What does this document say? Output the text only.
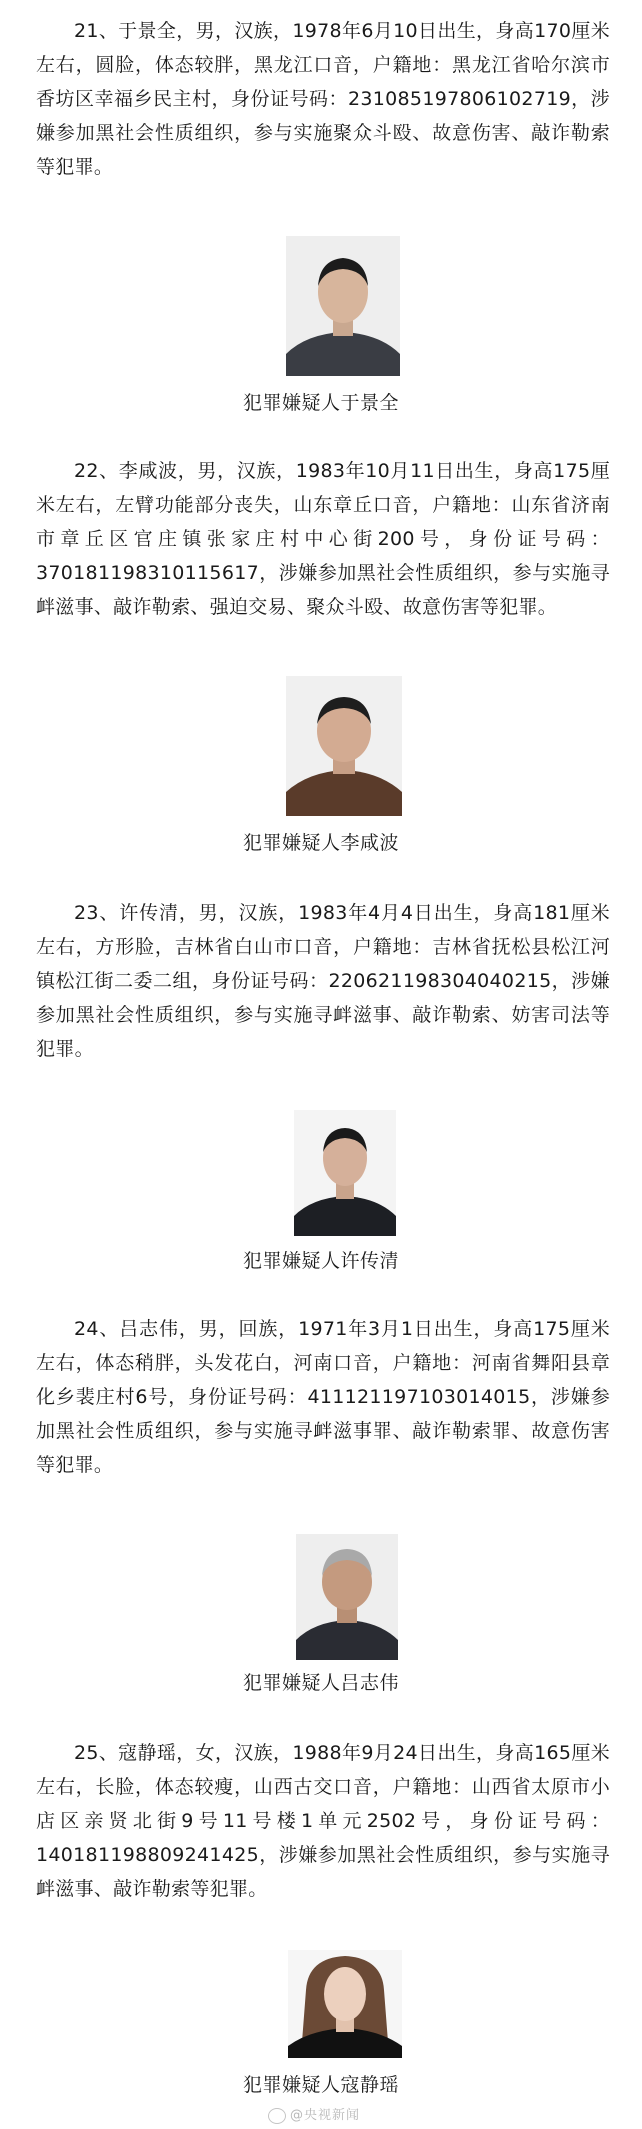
21、于景全，男，汉族，1978年6月10日出生，身高170厘米左右，圆脸，体态较胖，黑龙江口音，户籍地：黑龙江省哈尔滨市香坊区幸福乡民主村，身份证号码：231085197806102719，涉嫌参加黑社会性质组织，参与实施聚众斗殴、故意伤害、敲诈勒索等犯罪。

犯罪嫌疑人于景全

22、李咸波，男，汉族，1983年10月11日出生，身高175厘米左右，左臂功能部分丧失，山东章丘口音，户籍地：山东省济南市章丘区官庄镇张家庄村中心街200号，身份证号码：370181198310115617，涉嫌参加黑社会性质组织，参与实施寻衅滋事、敲诈勒索、强迫交易、聚众斗殴、故意伤害等犯罪。

犯罪嫌疑人李咸波

23、许传清，男，汉族，1983年4月4日出生，身高181厘米左右，方形脸，吉林省白山市口音，户籍地：吉林省抚松县松江河镇松江街二委二组，身份证号码：220621198304040215，涉嫌参加黑社会性质组织，参与实施寻衅滋事、敲诈勒索、妨害司法等犯罪。

犯罪嫌疑人许传清

24、吕志伟，男，回族，1971年3月1日出生，身高175厘米左右，体态稍胖，头发花白，河南口音，户籍地：河南省舞阳县章化乡裴庄村6号，身份证号码：411121197103014015，涉嫌参加黑社会性质组织，参与实施寻衅滋事罪、敲诈勒索罪、故意伤害等犯罪。

犯罪嫌疑人吕志伟

25、寇静瑶，女，汉族，1988年9月24日出生，身高165厘米左右，长脸，体态较瘦，山西古交口音，户籍地：山西省太原市小店区亲贤北街9号11号楼1单元2502号，身份证号码：140181198809241425，涉嫌参加黑社会性质组织，参与实施寻衅滋事、敲诈勒索等犯罪。

犯罪嫌疑人寇静瑶
@央视新闻
